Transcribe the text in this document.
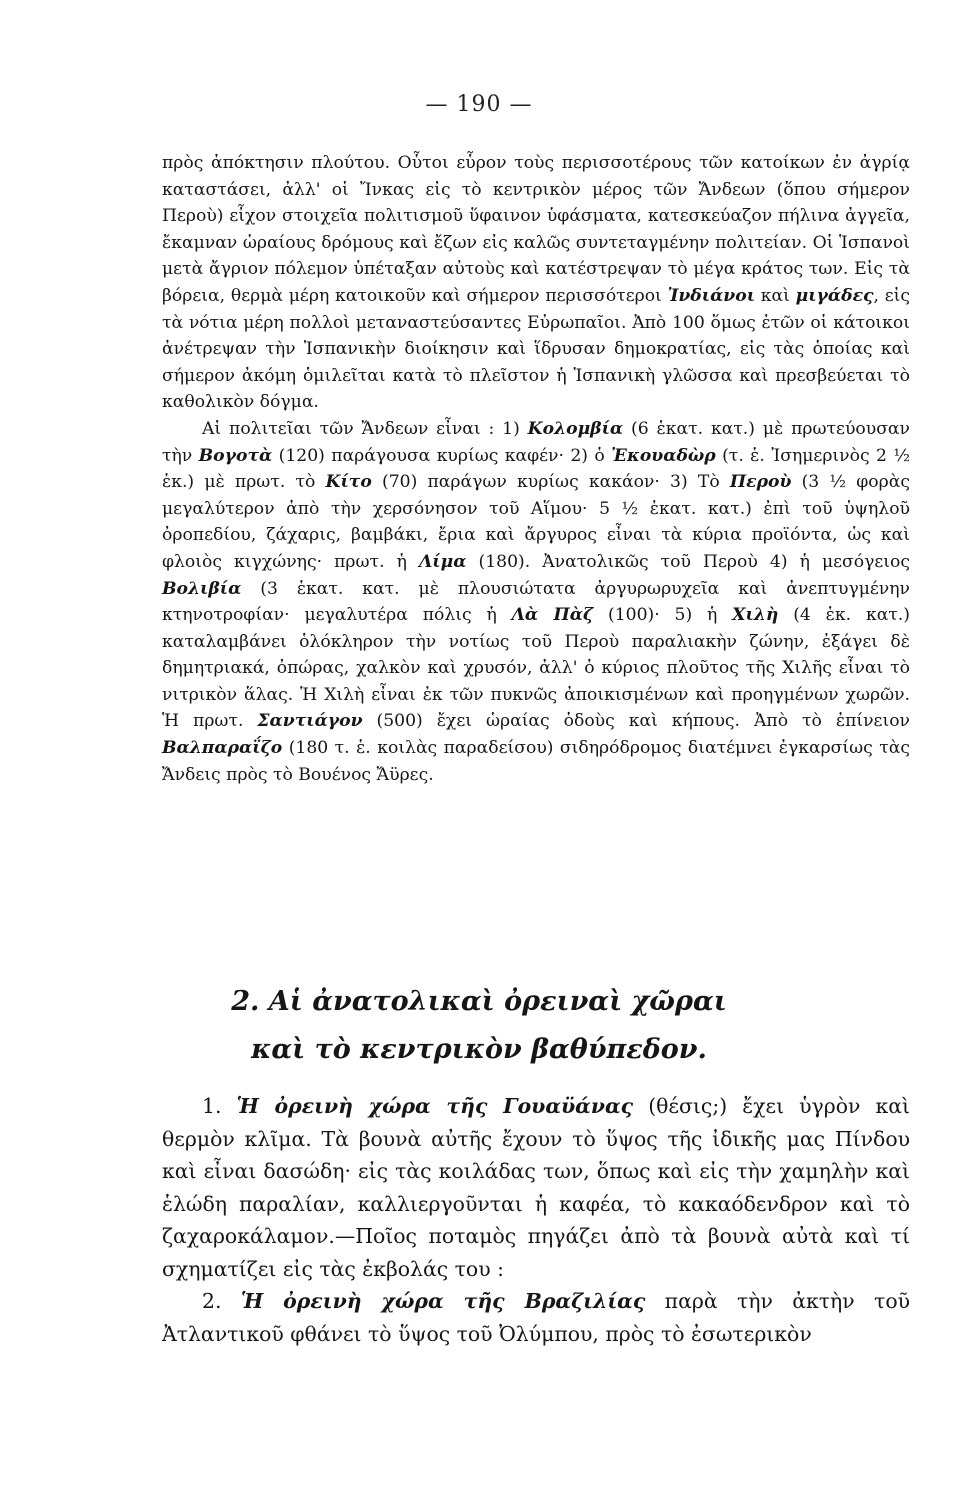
— 190 —

πρὸς ἀπόκτησιν πλούτου. Οὗτοι εὗρον τοὺς περισσοτέρους τῶν κατοίκων ἐν ἀγρίᾳ καταστάσει, ἀλλ' οἱ Ἴνκας εἰς τὸ κεντρικὸν μέρος τῶν Ἄνδεων (ὅπου σήμερον Περοὺ) εἶχον στοιχεῖα πολιτισμοῦ ὕφαινον ὑφάσματα, κατεσκεύαζον πήλινα ἀγγεῖα, ἔκαμναν ὡραίους δρόμους καὶ ἔζων εἰς καλῶς συντεταγμένην πολιτείαν. Οἱ Ἱσπανοὶ μετὰ ἄγριον πόλεμον ὑπέταξαν αὐτοὺς καὶ κατέστρεψαν τὸ μέγα κράτος των. Εἰς τὰ βόρεια, θερμὰ μέρη κατοικοῦν καὶ σήμερον περισσότεροι Ἰνδιάνοι καὶ μιγάδες, εἰς τὰ νότια μέρη πολλοὶ μεταναστεύσαντες Εὐρωπαῖοι. Ἀπὸ 100 ὅμως ἐτῶν οἱ κάτοικοι ἀνέτρεψαν τὴν Ἱσπανικὴν διοίκησιν καὶ ἵδρυσαν δημοκρατίας, εἰς τὰς ὁποίας καὶ σήμερον ἀκόμη ὁμιλεῖται κατὰ τὸ πλεῖστον ἡ Ἱσπανικὴ γλῶσσα καὶ πρεσβεύεται τὸ καθολικὸν δόγμα.

Αἱ πολιτεῖαι τῶν Ἄνδεων εἶναι : 1) Κολομβία (6 ἑκατ. κατ.) μὲ πρωτεύουσαν τὴν Βογοτὰ (120) παράγουσα κυρίως καφέν· 2) ὁ Ἐκουαδὼρ (τ. ἑ. Ἰσημερινὸς 2 ½ ἑκ.) μὲ πρωτ. τὸ Κίτο (70) παράγων κυρίως κακάον· 3) Τὸ Περοὺ (3 ½ φορὰς μεγαλύτερον ἀπὸ τὴν χερσόνησον τοῦ Αἵμου· 5 ½ ἑκατ. κατ.) ἐπὶ τοῦ ὑψηλοῦ ὀροπεδίου, ζάχαρις, βαμβάκι, ἔρια καὶ ἄργυρος εἶναι τὰ κύρια προϊόντα, ὡς καὶ φλοιὸς κιγχώνης· πρωτ. ἡ Λίμα (180). Ἀνατολικῶς τοῦ Περοὺ 4) ἡ μεσόγειος Βολιβία (3 ἑκατ. κατ. μὲ πλουσιώτατα ἀργυρωρυχεῖα καὶ ἀνεπτυγμένην κτηνοτροφίαν· μεγαλυτέρα πόλις ἡ Λὰ Πὰζ (100)· 5) ἡ Χιλὴ (4 ἑκ. κατ.) καταλαμβάνει ὁλόκληρον τὴν νοτίως τοῦ Περοὺ παραλιακὴν ζώνην, ἐξάγει δὲ δημητριακά, ὀπώρας, χαλκὸν καὶ χρυσόν, ἀλλ' ὁ κύριος πλοῦτος τῆς Χιλῆς εἶναι τὸ νιτρικὸν ἅλας. Ἡ Χιλὴ εἶναι ἐκ τῶν πυκνῶς ἀποικισμένων καὶ προηγμένων χωρῶν. Ἡ πρωτ. Σαντιάγον (500) ἔχει ὡραίας ὁδοὺς καὶ κήπους. Ἀπὸ τὸ ἐπίνειον Βαλπαραΐζο (180 τ. ἑ. κοιλὰς παραδείσου) σιδηρόδρομος διατέμνει ἐγκαρσίως τὰς Ἄνδεις πρὸς τὸ Βουένος Ἄϋρες.

2. Αἱ ἀνατολικαὶ ὀρειναὶ χῶραι
καὶ τὸ κεντρικὸν βαθύπεδον.

1. Ἡ ὀρεινὴ χώρα τῆς Γουαϋάνας (θέσις;) ἔχει ὑγρὸν καὶ θερμὸν κλῖμα. Τὰ βουνὰ αὐτῆς ἔχουν τὸ ὕψος τῆς ἰδικῆς μας Πίνδου καὶ εἶναι δασώδη· εἰς τὰς κοιλάδας των, ὅπως καὶ εἰς τὴν χαμηλὴν καὶ ἑλώδη παραλίαν, καλλιεργοῦνται ἡ καφέα, τὸ κακαόδενδρον καὶ τὸ ζαχαροκάλαμον.—Ποῖος ποταμὸς πηγάζει ἀπὸ τὰ βουνὰ αὐτὰ καὶ τί σχηματίζει εἰς τὰς ἐκβολάς του :

2. Ἡ ὀρεινὴ χώρα τῆς Βραζιλίας παρὰ τὴν ἀκτὴν τοῦ Ἀτλαντικοῦ φθάνει τὸ ὕψος τοῦ Ὀλύμπου, πρὸς τὸ ἐσωτερικὸν
